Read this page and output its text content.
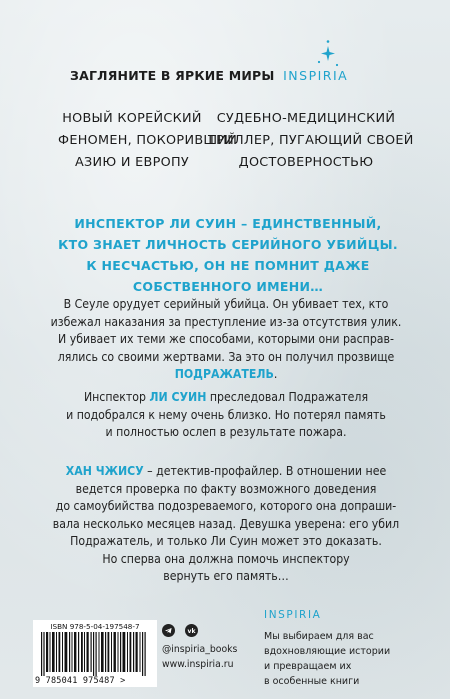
ЗАГЛЯНИТЕ В ЯРКИЕ МИРЫ INSPIRIA
НОВЫЙ КОРЕЙСКИЙ
ФЕНОМЕН, ПОКОРИВШИЙ
АЗИЮ И ЕВРОПУ
СУДЕБНО-МЕДИЦИНСКИЙ
ТРИЛЛЕР, ПУГАЮЩИЙ СВОЕЙ
ДОСТОВЕРНОСТЬЮ
ИНСПЕКТОР ЛИ СУИН – ЕДИНСТВЕННЫЙ,
КТО ЗНАЕТ ЛИЧНОСТЬ СЕРИЙНОГО УБИЙЦЫ.
К НЕСЧАСТЬЮ, ОН НЕ ПОМНИТ ДАЖЕ
СОБСТВЕННОГО ИМЕНИ…
В Сеуле орудует серийный убийца. Он убивает тех, кто
избежал наказания за преступление из-за отсутствия улик.
И убивает их теми же способами, которыми они расправ-
лялись со своими жертвами. За это он получил прозвище
ПОДРАЖАТЕЛЬ.
Инспектор ЛИ СУИН преследовал Подражателя
и подобрался к нему очень близко. Но потерял память
и полностью ослеп в результате пожара.
ХАН ЧЖИСУ – детектив-профайлер. В отношении нее
ведется проверка по факту возможного доведения
до самоубийства подозреваемого, которого она допраши-
вала несколько месяцев назад. Девушка уверена: его убил
Подражатель, и только Ли Суин может это доказать.
Но сперва она должна помочь инспектору
вернуть его память…
ISBN 978-5-04-197548-7
9 785041 975487 >

vk
@inspiria_books
www.inspiria.ru
INSPIRIA
Мы выбираем для вас
вдохновляющие истории
и превращаем их
в особенные книги
